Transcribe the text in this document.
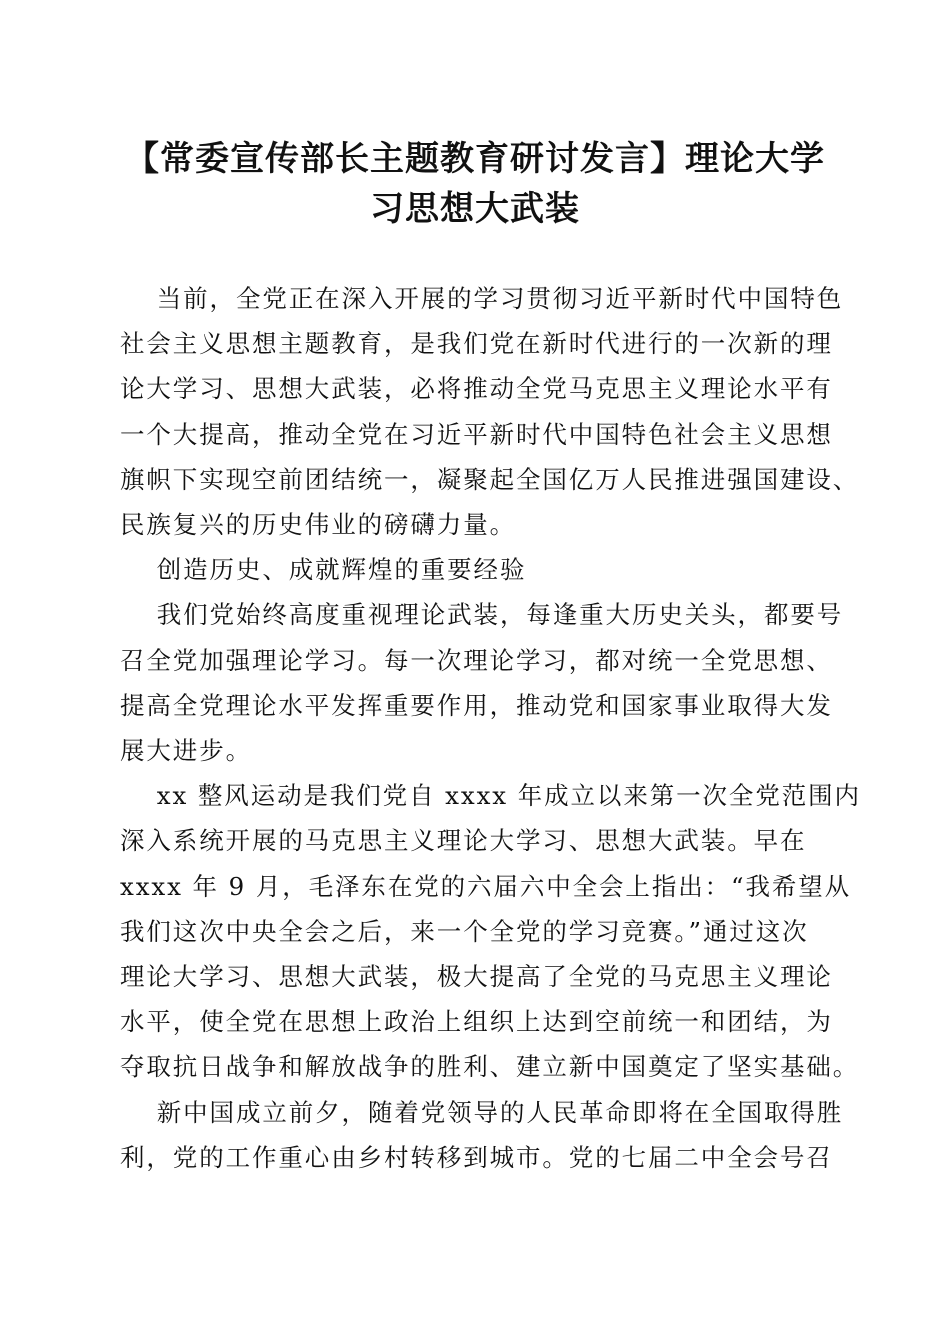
【常委宣传部长主题教育研讨发言】理论大学
习思想大武装

当前，全党正在深入开展的学习贯彻习近平新时代中国特色
社会主义思想主题教育，是我们党在新时代进行的一次新的理
论大学习、思想大武装，必将推动全党马克思主义理论水平有
一个大提高，推动全党在习近平新时代中国特色社会主义思想
旗帜下实现空前团结统一，凝聚起全国亿万人民推进强国建设、
民族复兴的历史伟业的磅礴力量。

创造历史、成就辉煌的重要经验

我们党始终高度重视理论武装，每逢重大历史关头，都要号
召全党加强理论学习。每一次理论学习，都对统一全党思想、
提高全党理论水平发挥重要作用，推动党和国家事业取得大发
展大进步。

xx 整风运动是我们党自 xxxx 年成立以来第一次全党范围内
深入系统开展的马克思主义理论大学习、思想大武装。早在
xxxx 年 9 月，毛泽东在党的六届六中全会上指出：“我希望从
我们这次中央全会之后，来一个全党的学习竞赛。”通过这次
理论大学习、思想大武装，极大提高了全党的马克思主义理论
水平，使全党在思想上政治上组织上达到空前统一和团结，为
夺取抗日战争和解放战争的胜利、建立新中国奠定了坚实基础。

新中国成立前夕，随着党领导的人民革命即将在全国取得胜
利，党的工作重心由乡村转移到城市。党的七届二中全会号召
